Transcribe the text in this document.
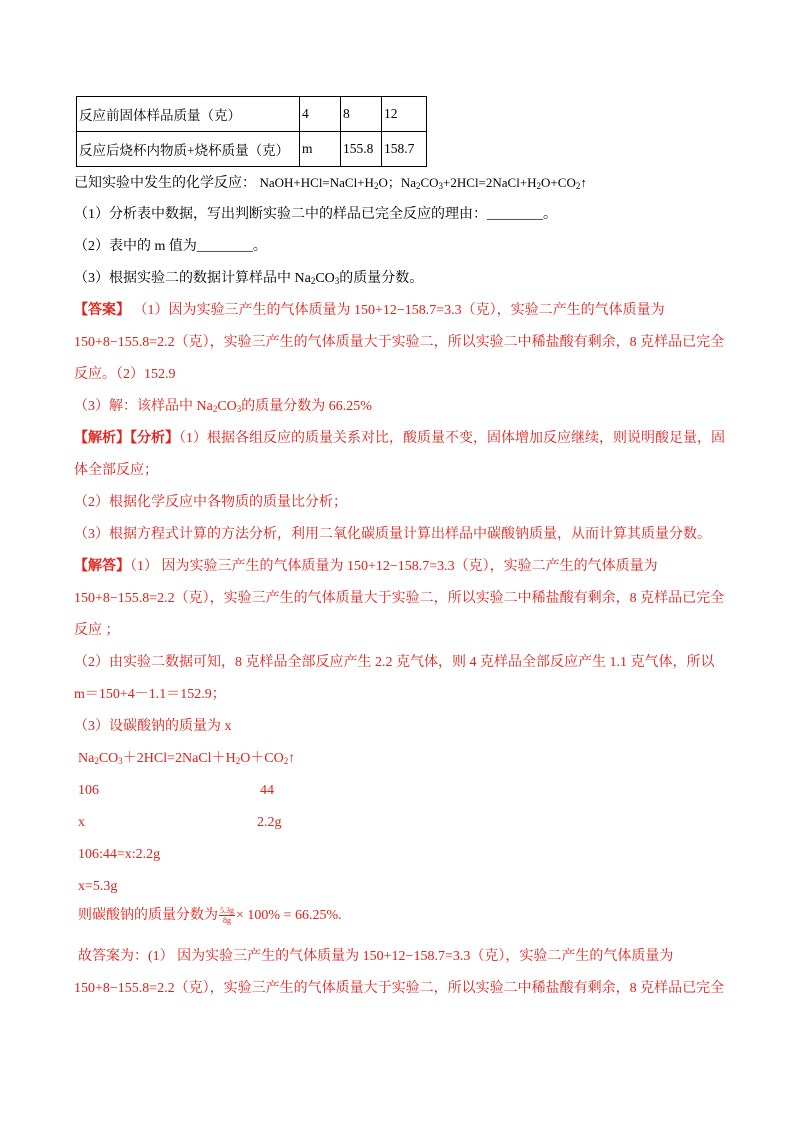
反应前固体样品质量（克）	4	8	12
反应后烧杯内物质+烧杯质量（克）	m	155.8	158.7
已知实验中发生的化学反应： $NaOH+HCl=NaCl+H_2O$；$Na_2CO_3+2HCl=2NaCl+H_2O+CO_2↑$
（1）分析表中数据，写出判断实验二中的样品已完全反应的理由：________。
（2）表中的 m 值为________。
（3）根据实验二的数据计算样品中 $Na_2CO_3$的质量分数。
【答案】 （1）因为实验三产生的气体质量为 150+12−158.7=3.3（克），实验二产生的气体质量为
150+8−155.8=2.2（克），实验三产生的气体质量大于实验二，所以实验二中稀盐酸有剩余，8 克样品已完全
反应。（2）152.9
（3）解：该样品中 $Na_2CO_3$的质量分数为 66.25%
【解析】【分析】（1）根据各组反应的质量关系对比，酸质量不变，固体增加反应继续，则说明酸足量，固
体全部反应；
（2）根据化学反应中各物质的质量比分析；
（3）根据方程式计算的方法分析，利用二氧化碳质量计算出样品中碳酸钠质量，从而计算其质量分数。
【解答】（1） 因为实验三产生的气体质量为 150+12−158.7=3.3（克），实验二产生的气体质量为
150+8−155.8=2.2（克），实验三产生的气体质量大于实验二，所以实验二中稀盐酸有剩余，8 克样品已完全
反应 ；
（2）由实验二数据可知，8 克样品全部反应产生 2.2 克气体，则 4 克样品全部反应产生 1.1 克气体，所以
m＝150+4－1.1＝152.9；
（3）设碳酸钠的质量为 x
$Na_2CO_3+2HCl=2NaCl+H_2O+CO_2↑$
106	44
x	2.2g
106:44=x:2.2g
x=5.3g
则碳酸钠的质量分数为 $\frac{5.3g}{8g} \times 100\% = 66.25\%$.
故答案为：(1） 因为实验三产生的气体质量为 150+12−158.7=3.3（克），实验二产生的气体质量为
150+8−155.8=2.2（克），实验三产生的气体质量大于实验二，所以实验二中稀盐酸有剩余，8 克样品已完全
